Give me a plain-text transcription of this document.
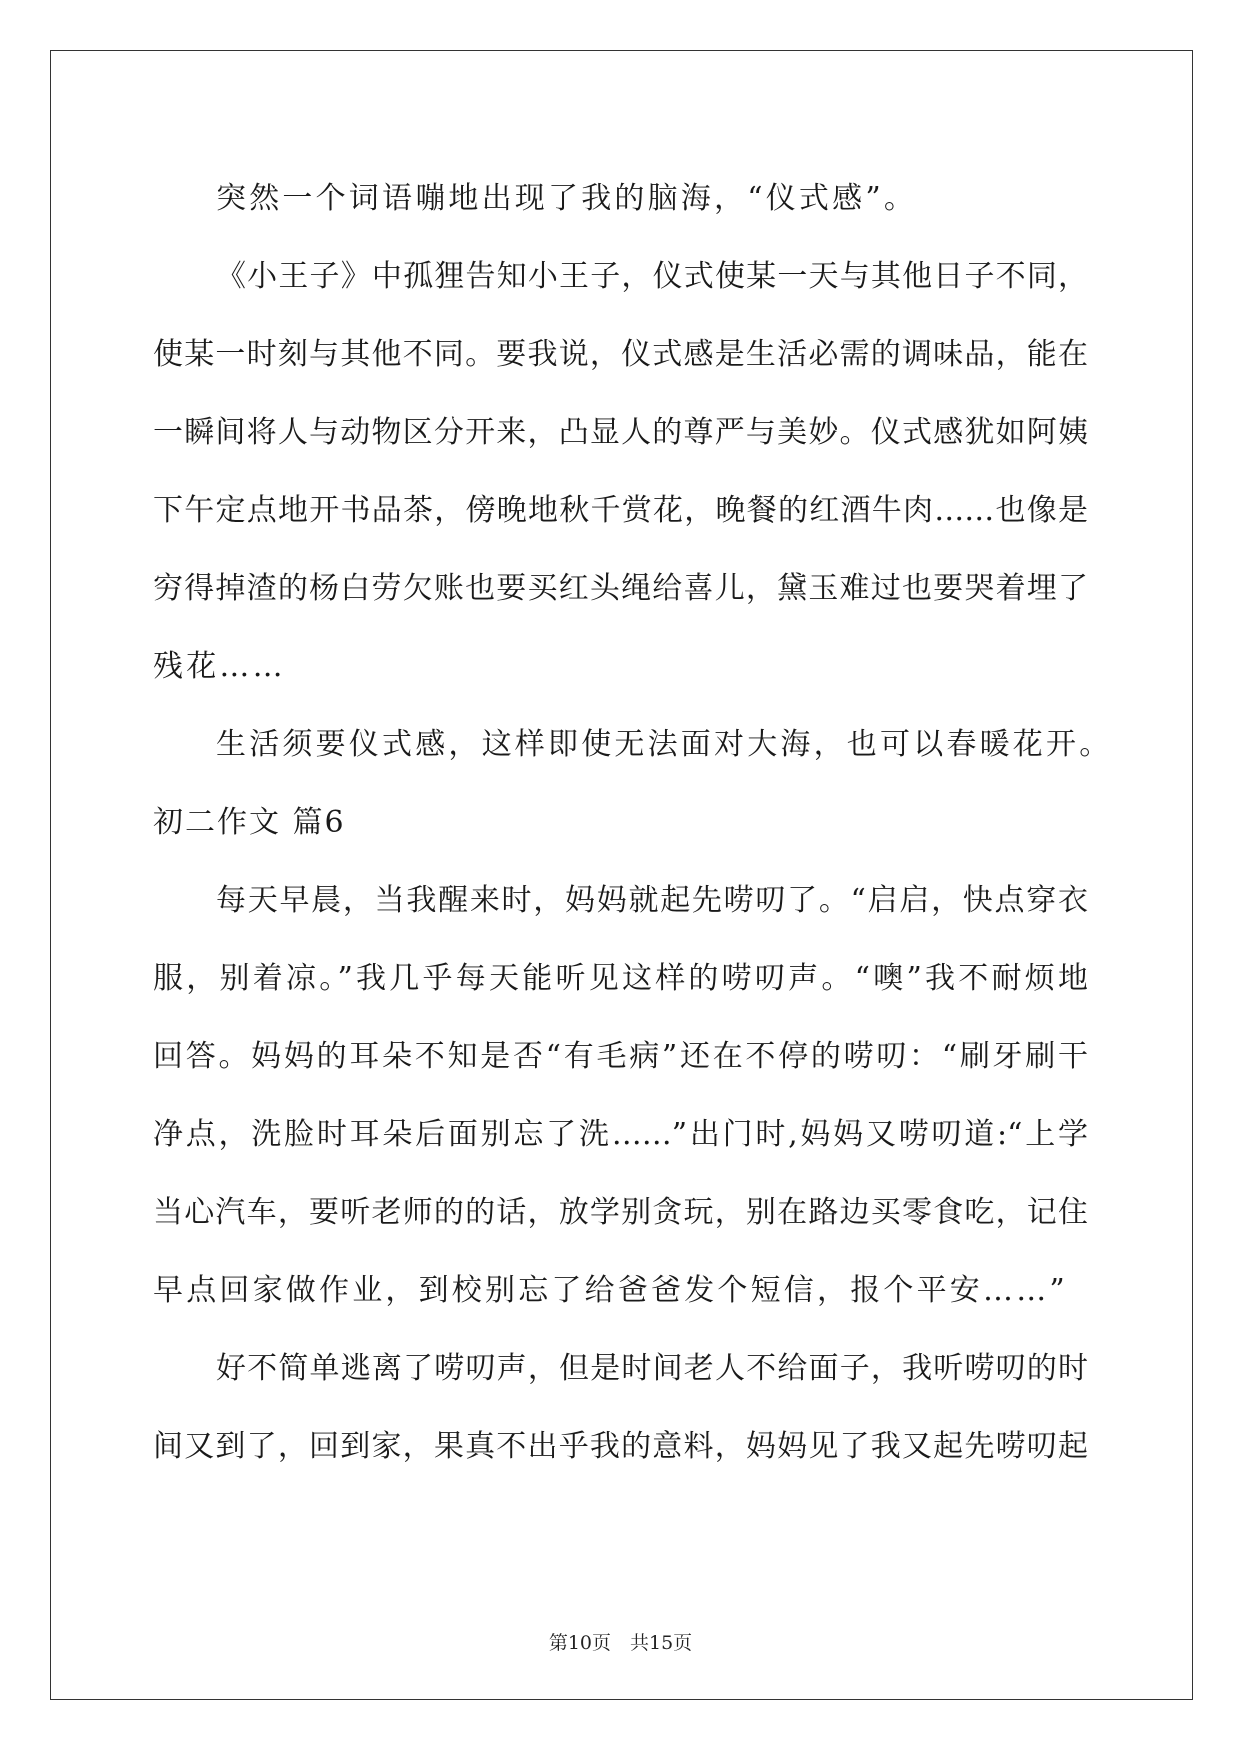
突然一个词语嘣地出现了我的脑海，“仪式感”。
《小王子》中孤狸告知小王子，仪式使某一天与其他日子不同，
使某一时刻与其他不同。要我说，仪式感是生活必需的调味品，能在
一瞬间将人与动物区分开来，凸显人的尊严与美妙。仪式感犹如阿姨
下午定点地开书品茶，傍晚地秋千赏花，晚餐的红酒牛肉……也像是
穷得掉渣的杨白劳欠账也要买红头绳给喜儿，黛玉难过也要哭着埋了
残花……
生活须要仪式感，这样即使无法面对大海，也可以春暖花开。
初二作文 篇6
每天早晨，当我醒来时，妈妈就起先唠叨了。“启启，快点穿衣
服，别着凉。”我几乎每天能听见这样的唠叨声。“噢”我不耐烦地
回答。妈妈的耳朵不知是否“有毛病”还在不停的唠叨：“刷牙刷干
净点，洗脸时耳朵后面别忘了洗……”出门时,妈妈又唠叨道:“上学
当心汽车，要听老师的的话，放学别贪玩，别在路边买零食吃，记住
早点回家做作业，到校别忘了给爸爸发个短信，报个平安……”
好不简单逃离了唠叨声，但是时间老人不给面子，我听唠叨的时
间又到了，回到家，果真不出乎我的意料，妈妈见了我又起先唠叨起
第10页　共15页
